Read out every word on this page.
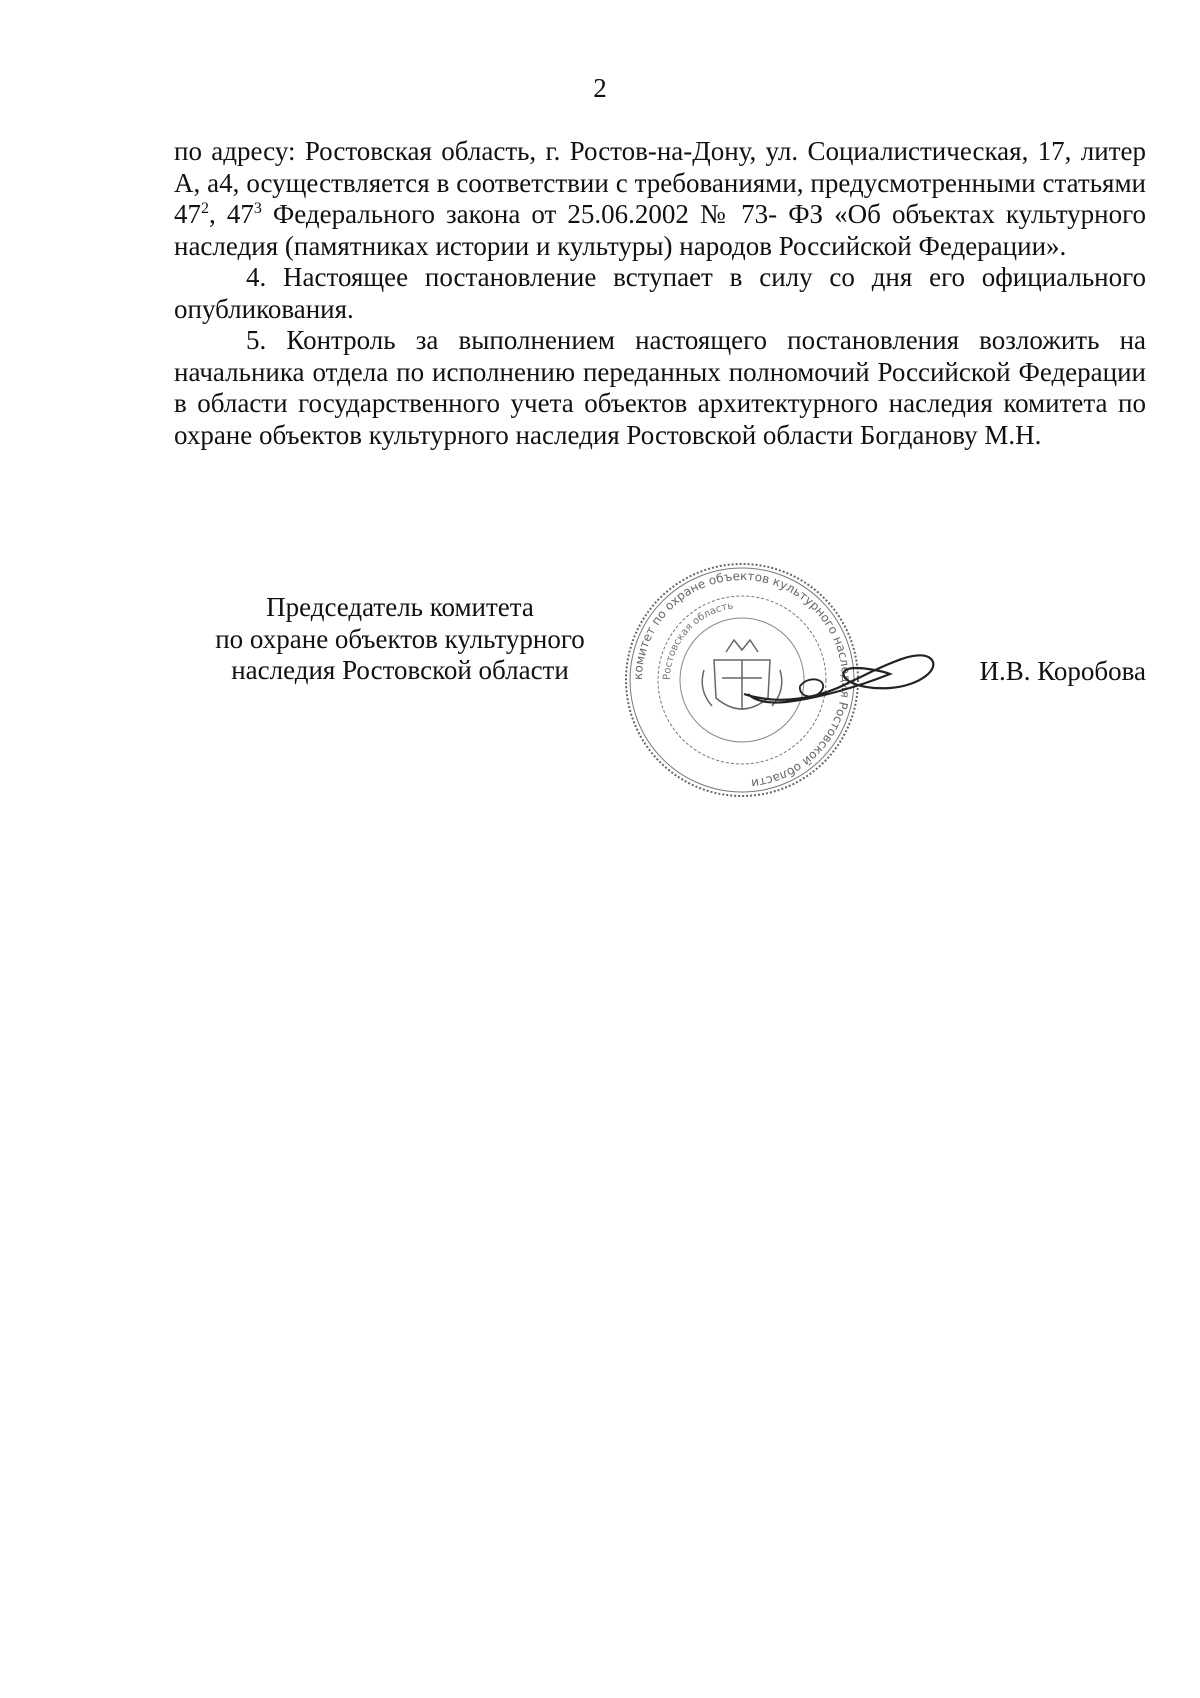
2

по адресу: Ростовская область, г. Ростов-на-Дону, ул. Социалистическая, 17, литер А, а4, осуществляется в соответствии с требованиями, предусмотренными статьями $47^2$, $47^3$ Федерального закона от 25.06.2002 № 73- ФЗ «Об объектах культурного наследия (памятниках истории и культуры) народов Российской Федерации».

4. Настоящее постановление вступает в силу со дня его официального опубликования.

5. Контроль за выполнением настоящего постановления возложить на начальника отдела по исполнению переданных полномочий Российской Федерации в области государственного учета объектов архитектурного наследия комитета по охране объектов культурного наследия Ростовской области Богданову М.Н.

Председатель комитета
по охране объектов культурного
наследия Ростовской области	комитет по охране объектов культурного наследия Ростовской области
Ростовская область
И.В. Коробова
